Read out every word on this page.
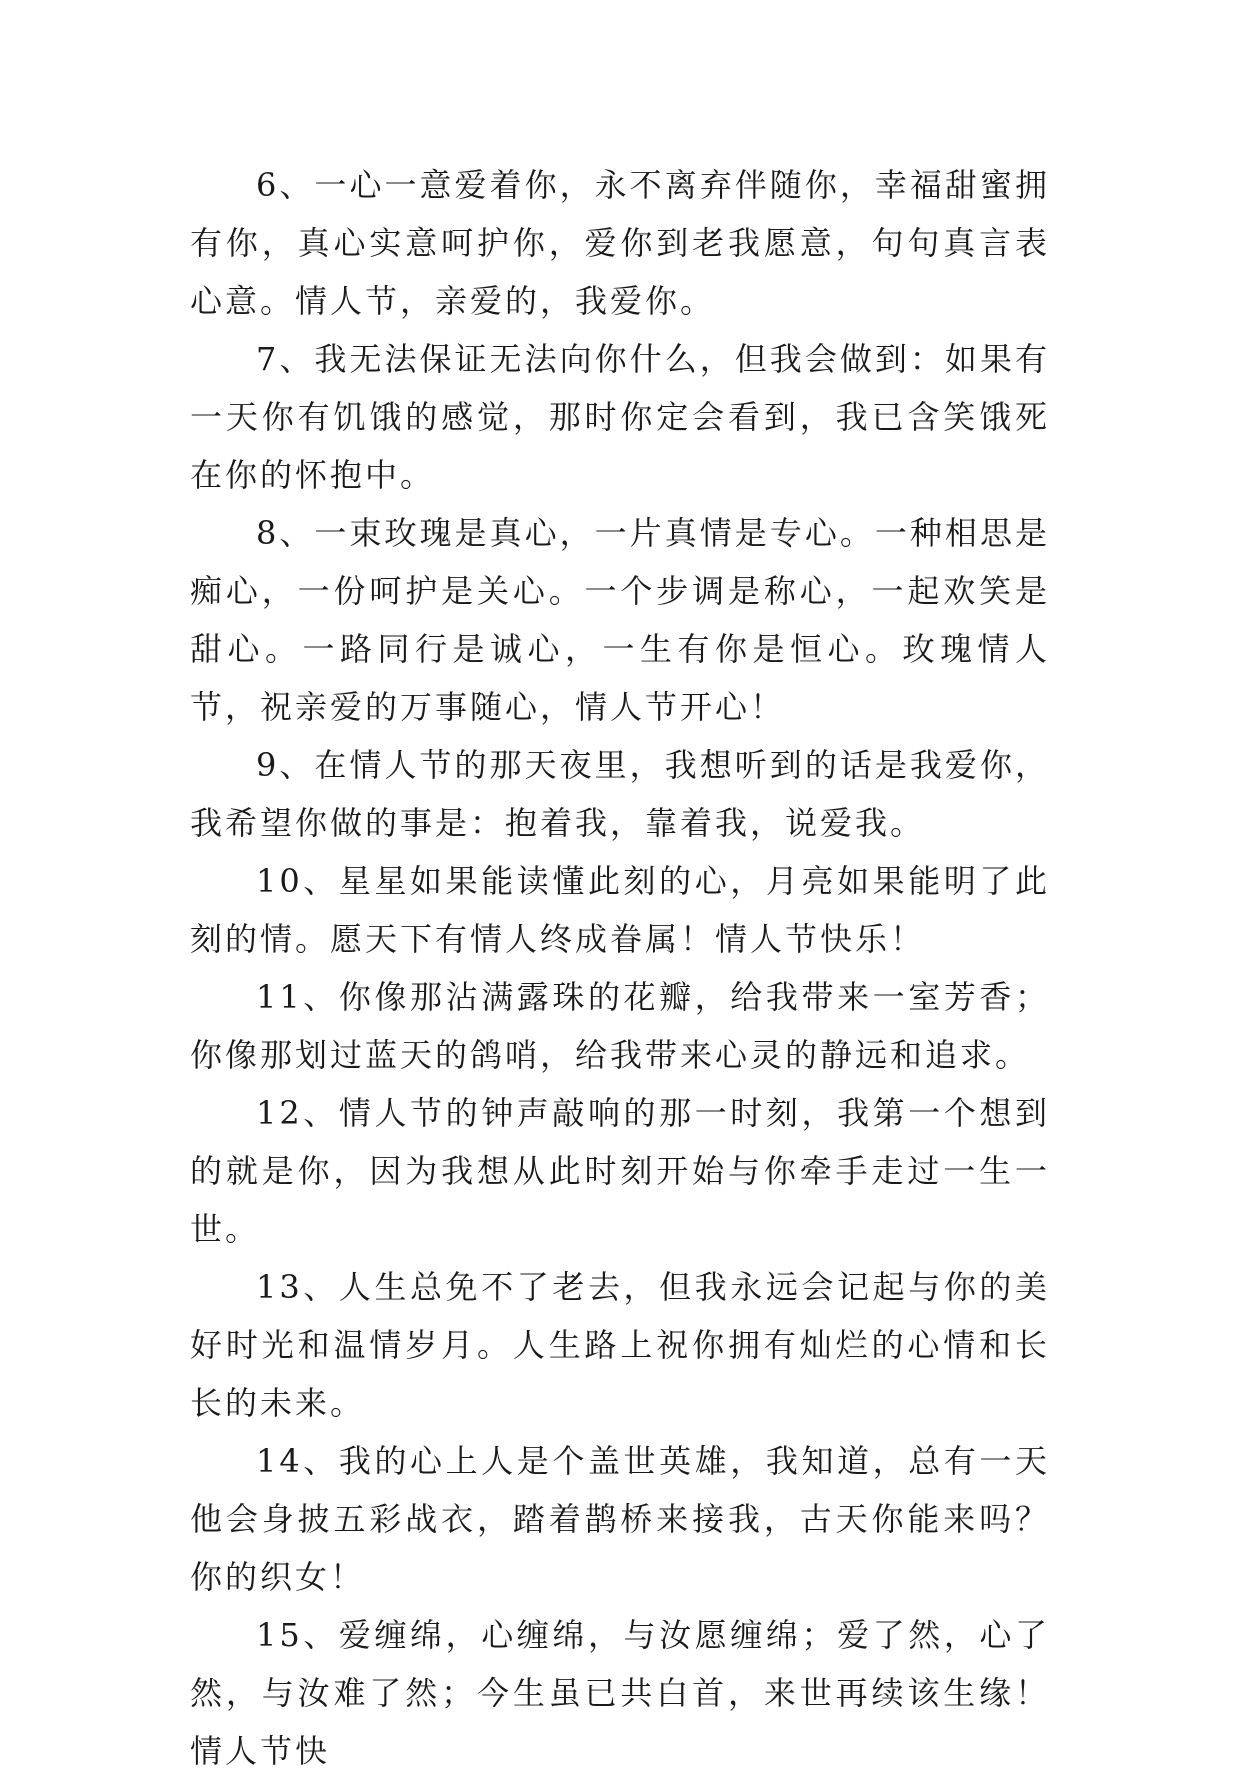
6、一心一意爱着你，永不离弃伴随你，幸福甜蜜拥有你，真心实意呵护你，爱你到老我愿意，句句真言表心意。情人节，亲爱的，我爱你。

7、我无法保证无法向你什么，但我会做到：如果有一天你有饥饿的感觉，那时你定会看到，我已含笑饿死在你的怀抱中。

8、一束玫瑰是真心，一片真情是专心。一种相思是痴心，一份呵护是关心。一个步调是称心，一起欢笑是甜心。一路同行是诚心，一生有你是恒心。玫瑰情人节，祝亲爱的万事随心，情人节开心！

9、在情人节的那天夜里，我想听到的话是我爱你，我希望你做的事是：抱着我，靠着我，说爱我。

10、星星如果能读懂此刻的心，月亮如果能明了此刻的情。愿天下有情人终成眷属！情人节快乐！

11、你像那沾满露珠的花瓣，给我带来一室芳香；你像那划过蓝天的鸽哨，给我带来心灵的静远和追求。

12、情人节的钟声敲响的那一时刻，我第一个想到的就是你，因为我想从此时刻开始与你牵手走过一生一世。

13、人生总免不了老去，但我永远会记起与你的美好时光和温情岁月。人生路上祝你拥有灿烂的心情和长长的未来。

14、我的心上人是个盖世英雄，我知道，总有一天他会身披五彩战衣，踏着鹊桥来接我，古天你能来吗？你的织女！

15、爱缠绵，心缠绵，与汝愿缠绵；爱了然，心了然，与汝难了然；今生虽已共白首，来世再续该生缘！情人节快
